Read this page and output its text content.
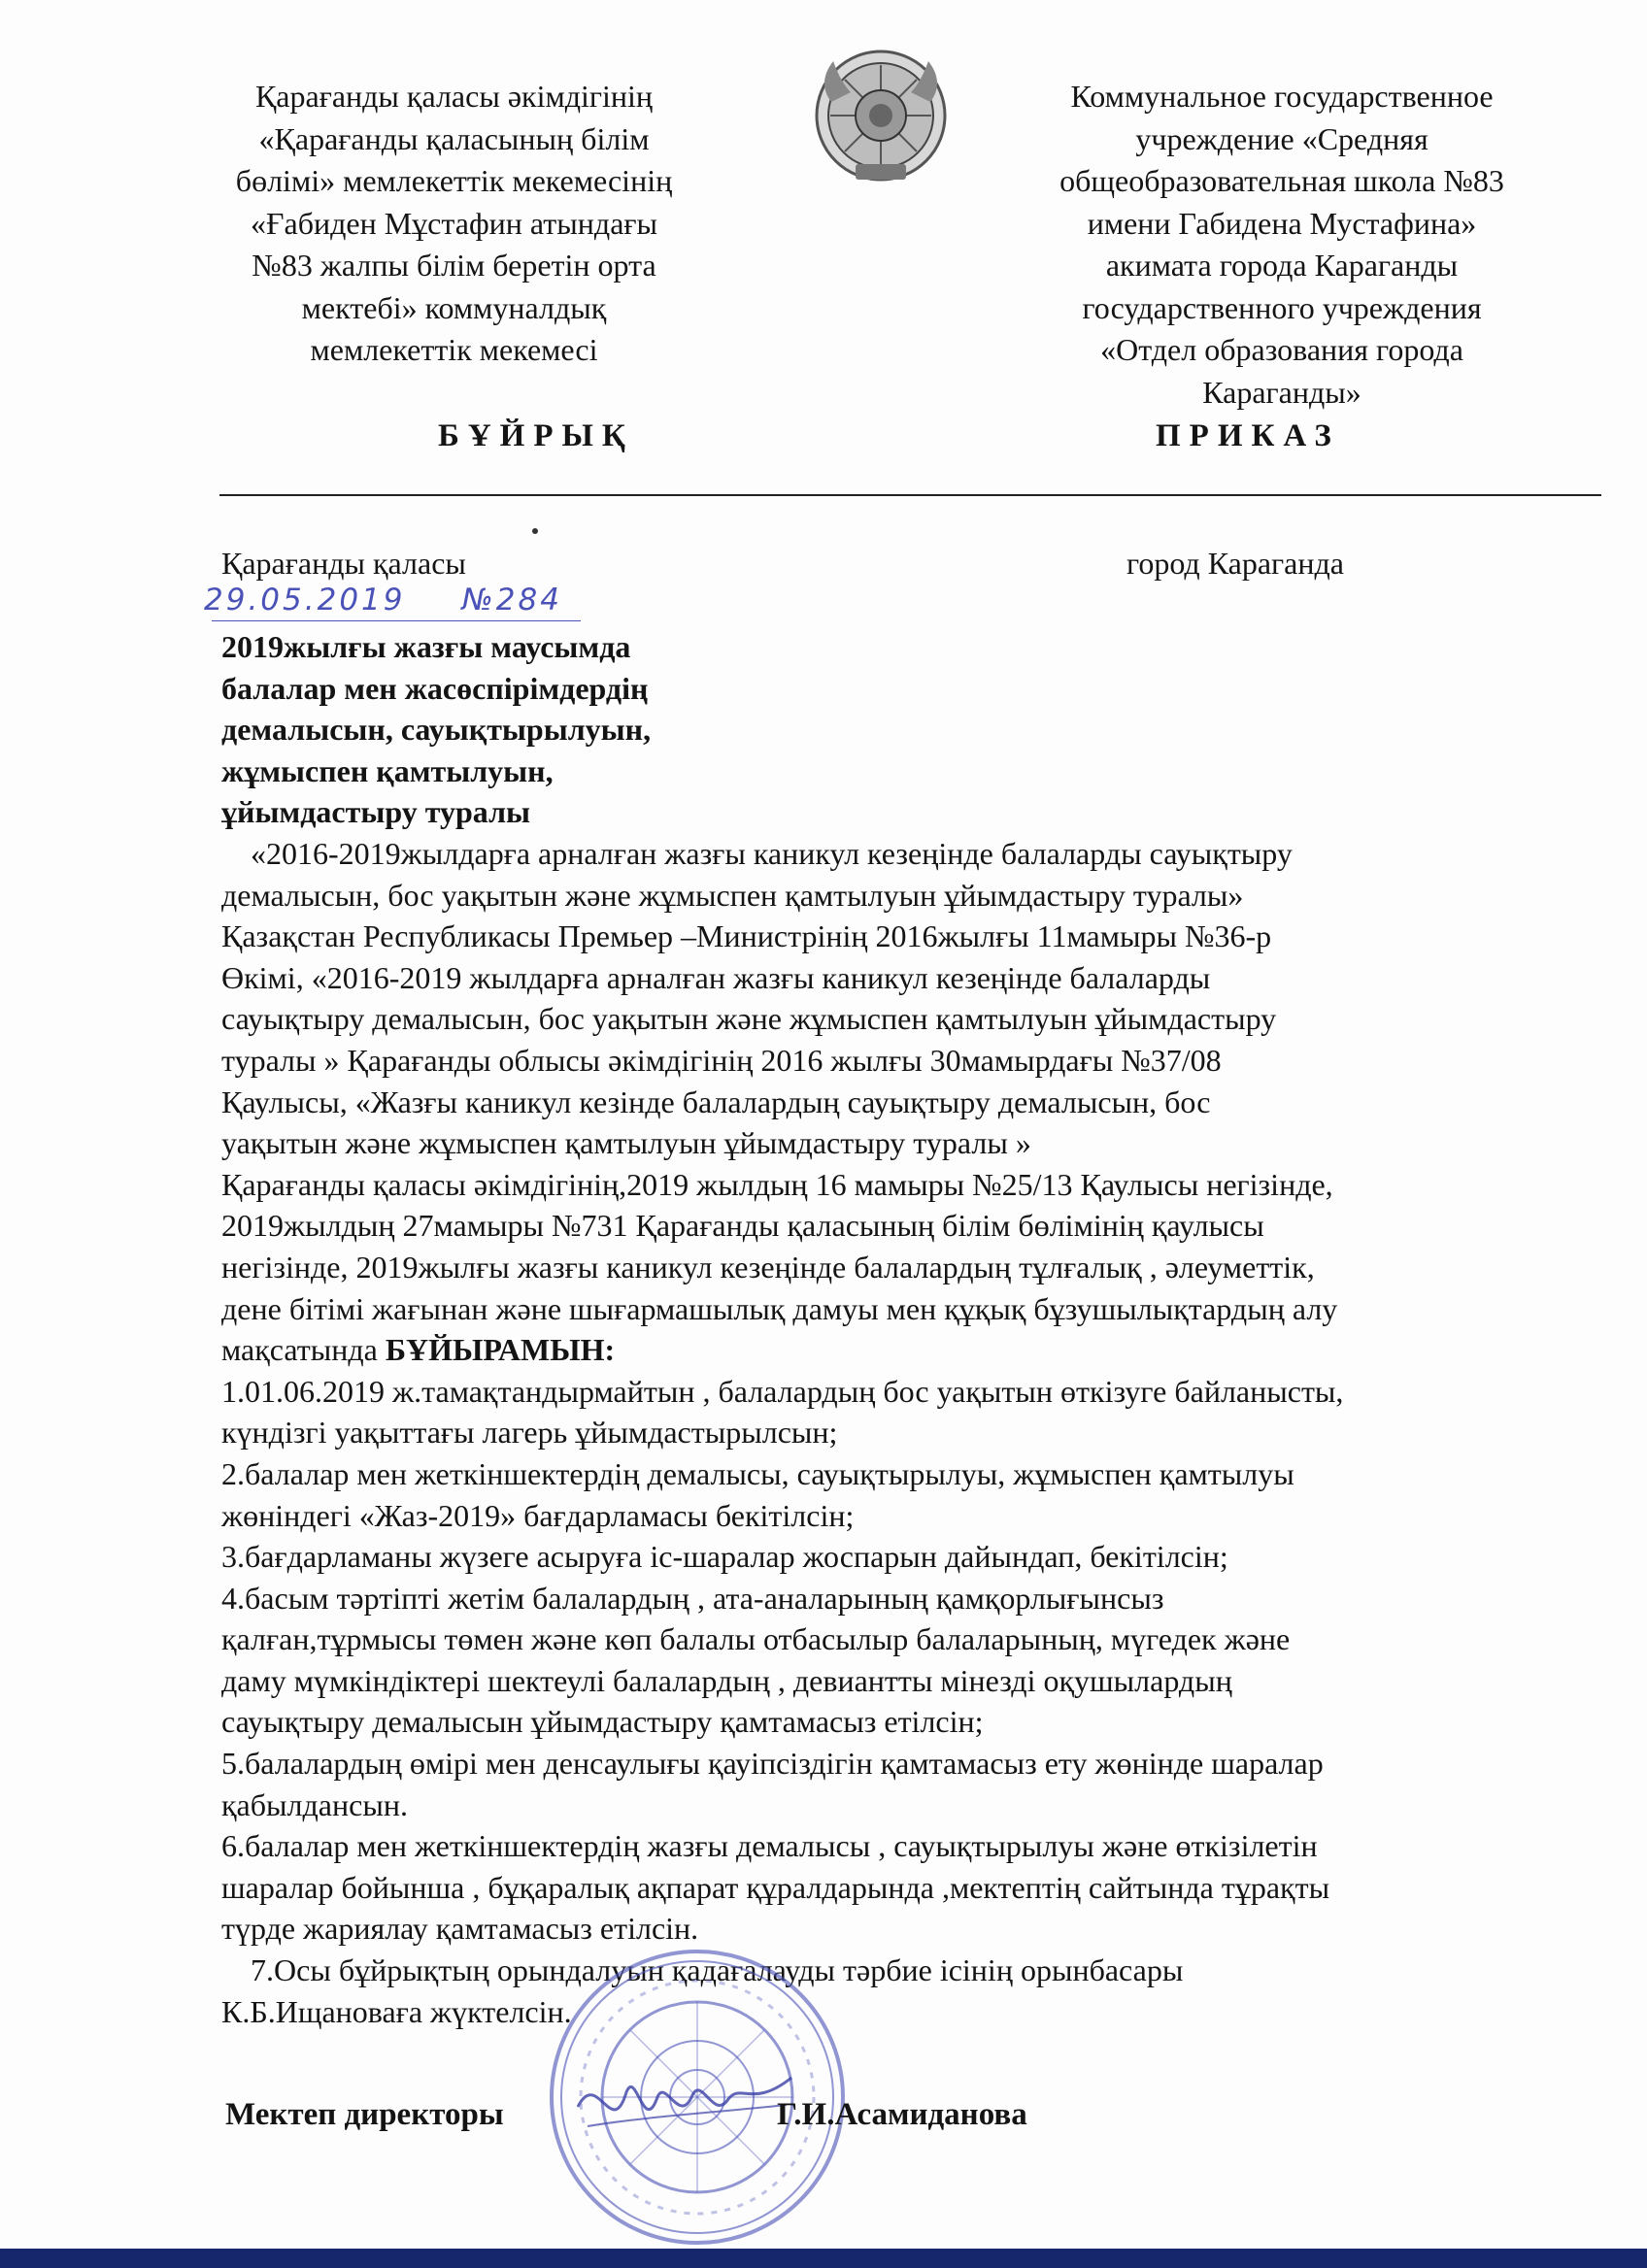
Қарағанды қаласы әкімдігінің
«Қарағанды қаласының білім
бөлімі» мемлекеттік мекемесінің
«Ғабиден Мұстафин атындағы
№83 жалпы білім беретін орта
мектебі» коммуналдық
мемлекеттік мекемесі
Коммунальное государственное
учреждение «Средняя
общеобразовательная школа №83
имени Габидена Мустафина»
акимата города Караганды
государственного учреждения
«Отдел образования города
Караганды»
БҰЙРЫҚ	ПРИКАЗ
Қарағанды қаласы	город Караганда
29.05.2019 №284
2019жылғы жазғы маусымда
балалар мен жасөспірімдердің
демалысын, сауықтырылуын,
жұмыспен қамтылуын,
ұйымдастыру туралы
«2016-2019жылдарға арналған жазғы каникул кезеңінде балаларды сауықтыру
демалысын, бос уақытын және жұмыспен қамтылуын ұйымдастыру туралы»
Қазақстан Республикасы Премьер –Министрінің 2016жылғы 11мамыры №36-р
Өкімі, «2016-2019 жылдарға арналған жазғы каникул кезеңінде балаларды
сауықтыру демалысын, бос уақытын және жұмыспен қамтылуын ұйымдастыру
туралы » Қарағанды облысы әкімдігінің 2016 жылғы 30мамырдағы №37/08
Қаулысы, «Жазғы каникул кезінде балалардың сауықтыру демалысын, бос
уақытын және жұмыспен қамтылуын ұйымдастыру туралы »
Қарағанды қаласы әкімдігінің,2019 жылдың 16 мамыры №25/13 Қаулысы негізінде,
2019жылдың 27мамыры №731 Қарағанды қаласының білім бөлімінің қаулысы
негізінде, 2019жылғы жазғы каникул кезеңінде балалардың тұлғалық , әлеуметтік,
дене бітімі жағынан және шығармашылық дамуы мен құқық бұзушылықтардың алу
мақсатында БҰЙЫРАМЫН:
1.01.06.2019 ж.тамақтандырмайтын , балалардың бос уақытын өткізуге байланысты,
күндізгі уақыттағы лагерь ұйымдастырылсын;
2.балалар мен жеткіншектердің демалысы, сауықтырылуы, жұмыспен қамтылуы
жөніндегі «Жаз-2019» бағдарламасы бекітілсін;
3.бағдарламаны жүзеге асыруға іс-шаралар жоспарын дайындап, бекітілсін;
4.басым тәртіпті жетім балалардың , ата-аналарының қамқорлығынсыз
қалған,тұрмысы төмен және көп балалы отбасылыр балаларының, мүгедек және
даму мүмкіндіктері шектеулі балалардың , девиантты мінезді оқушылардың
сауықтыру демалысын ұйымдастыру қамтамасыз етілсін;
5.балалардың өмірі мен денсаулығы қауіпсіздігін қамтамасыз ету жөнінде шаралар
қабылдансын.
6.балалар мен жеткіншектердің жазғы демалысы , сауықтырылуы және өткізілетін
шаралар бойынша , бұқаралық ақпарат құралдарында ,мектептің сайтында тұрақты
түрде жариялау қамтамасыз етілсін.
7.Осы бұйрықтың орындалуын қадағалауды тәрбие ісінің орынбасары
К.Б.Ищановаға жүктелсін.
Мектеп директоры	Г.И.Асамиданова
